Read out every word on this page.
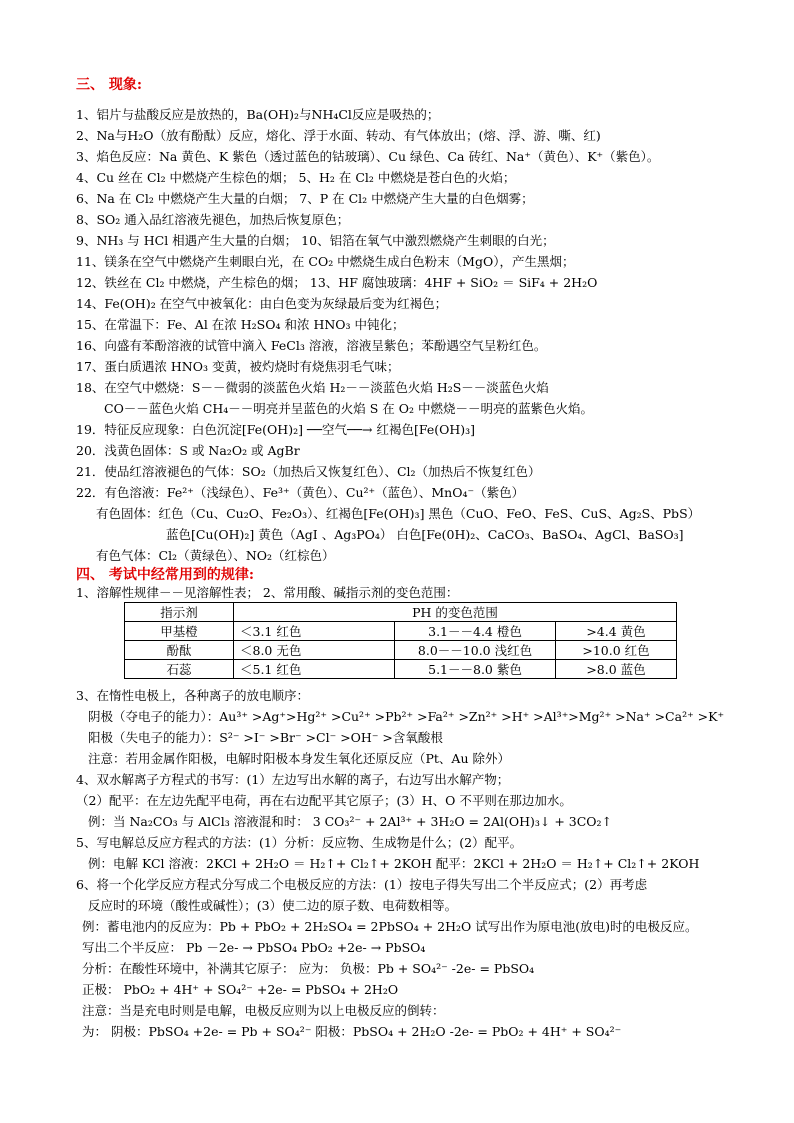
三、 现象:
1、铝片与盐酸反应是放热的，Ba(OH)₂与NH₄Cl反应是吸热的；
2、Na与H₂O（放有酚酞）反应，熔化、浮于水面、转动、有气体放出；(熔、浮、游、嘶、红)
3、焰色反应：Na 黄色、K 紫色（透过蓝色的钴玻璃）、Cu 绿色、Ca 砖红、Na⁺（黄色）、K⁺（紫色）。
4、Cu 丝在 Cl₂ 中燃烧产生棕色的烟； 5、H₂ 在 Cl₂ 中燃烧是苍白色的火焰；
6、Na 在 Cl₂ 中燃烧产生大量的白烟； 7、P 在 Cl₂ 中燃烧产生大量的白色烟雾；
8、SO₂ 通入品红溶液先褪色，加热后恢复原色；
9、NH₃ 与 HCl 相遇产生大量的白烟； 10、铝箔在氧气中激烈燃烧产生刺眼的白光；
11、镁条在空气中燃烧产生刺眼白光，在 CO₂ 中燃烧生成白色粉末（MgO），产生黑烟；
12、铁丝在 Cl₂ 中燃烧，产生棕色的烟； 13、HF 腐蚀玻璃：4HF + SiO₂ ＝ SiF₄ + 2H₂O
14、Fe(OH)₂ 在空气中被氧化：由白色变为灰绿最后变为红褐色；
15、在常温下：Fe、Al 在浓 H₂SO₄ 和浓 HNO₃ 中钝化；
16、向盛有苯酚溶液的试管中滴入 FeCl₃ 溶液，溶液呈紫色；苯酚遇空气呈粉红色。
17、蛋白质遇浓 HNO₃ 变黄，被灼烧时有烧焦羽毛气味；
18、在空气中燃烧：S－－微弱的淡蓝色火焰 H₂－－淡蓝色火焰 H₂S－－淡蓝色火焰
CO－－蓝色火焰 CH₄－－明亮并呈蓝色的火焰 S 在 O₂ 中燃烧－－明亮的蓝紫色火焰。
19．特征反应现象：白色沉淀[Fe(OH)₂] ──空气──→ 红褐色[Fe(OH)₃]
20．浅黄色固体：S 或 Na₂O₂ 或 AgBr
21．使品红溶液褪色的气体：SO₂（加热后又恢复红色）、Cl₂（加热后不恢复红色）
22．有色溶液：Fe²⁺（浅绿色）、Fe³⁺（黄色）、Cu²⁺（蓝色）、MnO₄⁻（紫色）
有色固体：红色（Cu、Cu₂O、Fe₂O₃）、红褐色[Fe(OH)₃] 黑色（CuO、FeO、FeS、CuS、Ag₂S、PbS）
蓝色[Cu(OH)₂] 黄色（AgI 、Ag₃PO₄） 白色[Fe(0H)₂、CaCO₃、BaSO₄、AgCl、BaSO₃]
有色气体：Cl₂（黄绿色）、NO₂（红棕色）
四、 考试中经常用到的规律:
1、溶解性规律－－见溶解性表； 2、常用酸、碱指示剂的变色范围：
指示剂	PH 的变色范围		
甲基橙	＜3.1 红色	3.1－－4.4 橙色	>4.4 黄色
酚酞	＜8.0 无色	8.0－－10.0 浅红色	>10.0 红色
石蕊	＜5.1 红色	5.1－－8.0 紫色	>8.0 蓝色
3、在惰性电极上，各种离子的放电顺序：
阴极（夺电子的能力）：Au³⁺ >Ag⁺>Hg²⁺ >Cu²⁺ >Pb²⁺ >Fa²⁺ >Zn²⁺ >H⁺ >Al³⁺>Mg²⁺ >Na⁺ >Ca²⁺ >K⁺
阳极（失电子的能力）：S²⁻ >I⁻ >Br⁻ >Cl⁻ >OH⁻ >含氧酸根
注意：若用金属作阳极，电解时阳极本身发生氧化还原反应（Pt、Au 除外）
4、双水解离子方程式的书写：(1）左边写出水解的离子，右边写出水解产物；
（2）配平：在左边先配平电荷，再在右边配平其它原子；(3）H、O 不平则在那边加水。
例：当 Na₂CO₃ 与 AlCl₃ 溶液混和时： 3 CO₃²⁻ + 2Al³⁺ + 3H₂O = 2Al(OH)₃↓ + 3CO₂↑
5、写电解总反应方程式的方法：(1）分析：反应物、生成物是什么；(2）配平。
例：电解 KCl 溶液：2KCl + 2H₂O ＝ H₂↑+ Cl₂↑+ 2KOH 配平：2KCl + 2H₂O ＝ H₂↑+ Cl₂↑+ 2KOH
6、将一个化学反应方程式分写成二个电极反应的方法：(1）按电子得失写出二个半反应式；(2）再考虑
反应时的环境（酸性或碱性）；(3）使二边的原子数、电荷数相等。
例：蓄电池内的反应为：Pb + PbO₂ + 2H₂SO₄ = 2PbSO₄ + 2H₂O 试写出作为原电池(放电)时的电极反应。
写出二个半反应： Pb －2e- → PbSO₄ PbO₂ +2e- → PbSO₄
分析：在酸性环境中，补满其它原子： 应为： 负极：Pb + SO₄²⁻ -2e- = PbSO₄
正极： PbO₂ + 4H⁺ + SO₄²⁻ +2e- = PbSO₄ + 2H₂O
注意：当是充电时则是电解，电极反应则为以上电极反应的倒转：
为： 阴极：PbSO₄ +2e- = Pb + SO₄²⁻ 阳极：PbSO₄ + 2H₂O -2e- = PbO₂ + 4H⁺ + SO₄²⁻
